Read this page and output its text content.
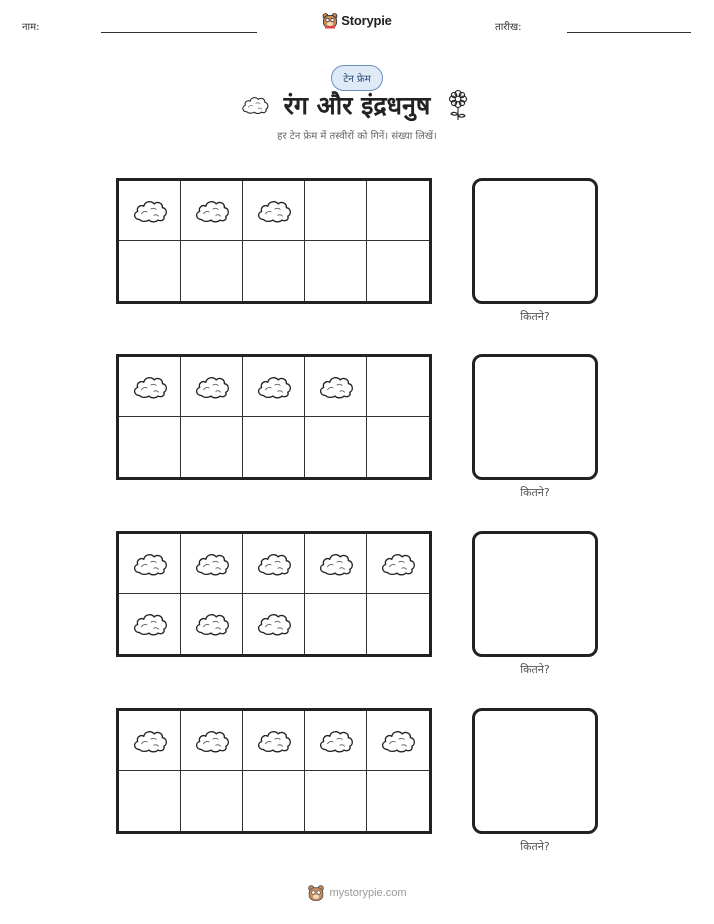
नाम:	Storypie	तारीख:
टेन फ्रेम
रंग और इंद्रधनुष
हर टेन फ्रेम में तस्वीरों को गिनें। संख्या लिखें।
कितने?
कितने?
कितने?
कितने?
mystorypie.com
